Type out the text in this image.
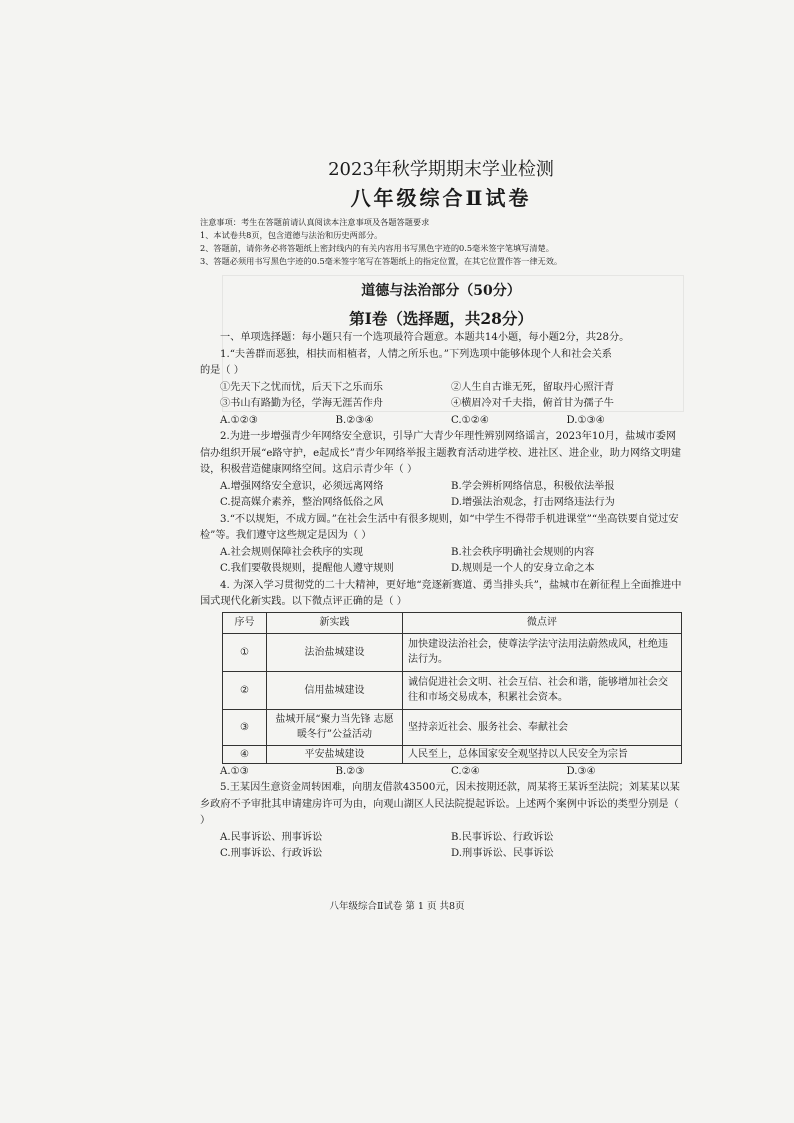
2023年秋学期期末学业检测
八年级综合Ⅱ试卷
注意事项：考生在答题前请认真阅读本注意事项及各题答题要求
1、本试卷共8页，包含道德与法治和历史两部分。
2、答题前，请你务必将答题纸上密封线内的有关内容用书写黑色字迹的0.5毫米签字笔填写清楚。
3、答题必须用书写黑色字迹的0.5毫米签字笔写在答题纸上的指定位置，在其它位置作答一律无效。
道德与法治部分（50分）
第Ⅰ卷（选择题，共28分）

一、单项选择题：每小题只有一个选项最符合题意。本题共14小题，每小题2分，共28分。

1.“夫善群而恶独，相扶而相植者，人情之所乐也。”下列选项中能够体现个人和社会关系

的是（ ）

①先天下之忧而忧，后天下之乐而乐	②人生自古谁无死，留取丹心照汗青
③书山有路勤为径，学海无涯苦作舟	④横眉冷对千夫指，俯首甘为孺子牛
A.①②③	B.②③④	C.①②④	D.①③④

2.为进一步增强青少年网络安全意识，引导广大青少年理性辨别网络谣言，2023年10月，盐城市委网信办组织开展“e路守护，e起成长”青少年网络举报主题教育活动进学校、进社区、进企业，助力网络文明建设，积极营造健康网络空间。这启示青少年（ ）

A.增强网络安全意识，必须远离网络	B.学会辨析网络信息，积极依法举报
C.提高媒介素养，整治网络低俗之风	D.增强法治观念，打击网络违法行为

3.“不以规矩，不成方圆。”在社会生活中有很多规则，如“中学生不得带手机进课堂”“坐高铁要自觉过安检”等。我们遵守这些规定是因为（ ）

A.社会规则保障社会秩序的实现	B.社会秩序明确社会规则的内容
C.我们要敬畏规则，提醒他人遵守规则	D.规则是一个人的安身立命之本

4. 为深入学习贯彻党的二十大精神，更好地“竞逐新赛道、勇当排头兵”，盐城市在新征程上全面推进中国式现代化新实践。以下微点评正确的是（ ）

序号	新实践	微点评
①	法治盐城建设	加快建设法治社会，使尊法学法守法用法蔚然成风，杜绝违法行为。
②	信用盐城建设	诚信促进社会文明、社会互信、社会和谐，能够增加社会交往和市场交易成本，积累社会资本。
③	盐城开展“聚力当先锋 志愿暖冬行”公益活动	坚持亲近社会、服务社会、奉献社会
④	平安盐城建设	人民至上，总体国家安全观坚持以人民安全为宗旨
A.①③	B.②③	C.②④	D.③④

5.王某因生意资金周转困难，向朋友借款43500元，因未按期还款，周某将王某诉至法院；刘某某以某乡政府不予审批其申请建房许可为由，向观山湖区人民法院提起诉讼。上述两个案例中诉讼的类型分别是（ ）

A.民事诉讼、刑事诉讼	B.民事诉讼、行政诉讼
C.刑事诉讼、行政诉讼	D.刑事诉讼、民事诉讼
八年级综合Ⅱ试卷 第 1 页 共8页
